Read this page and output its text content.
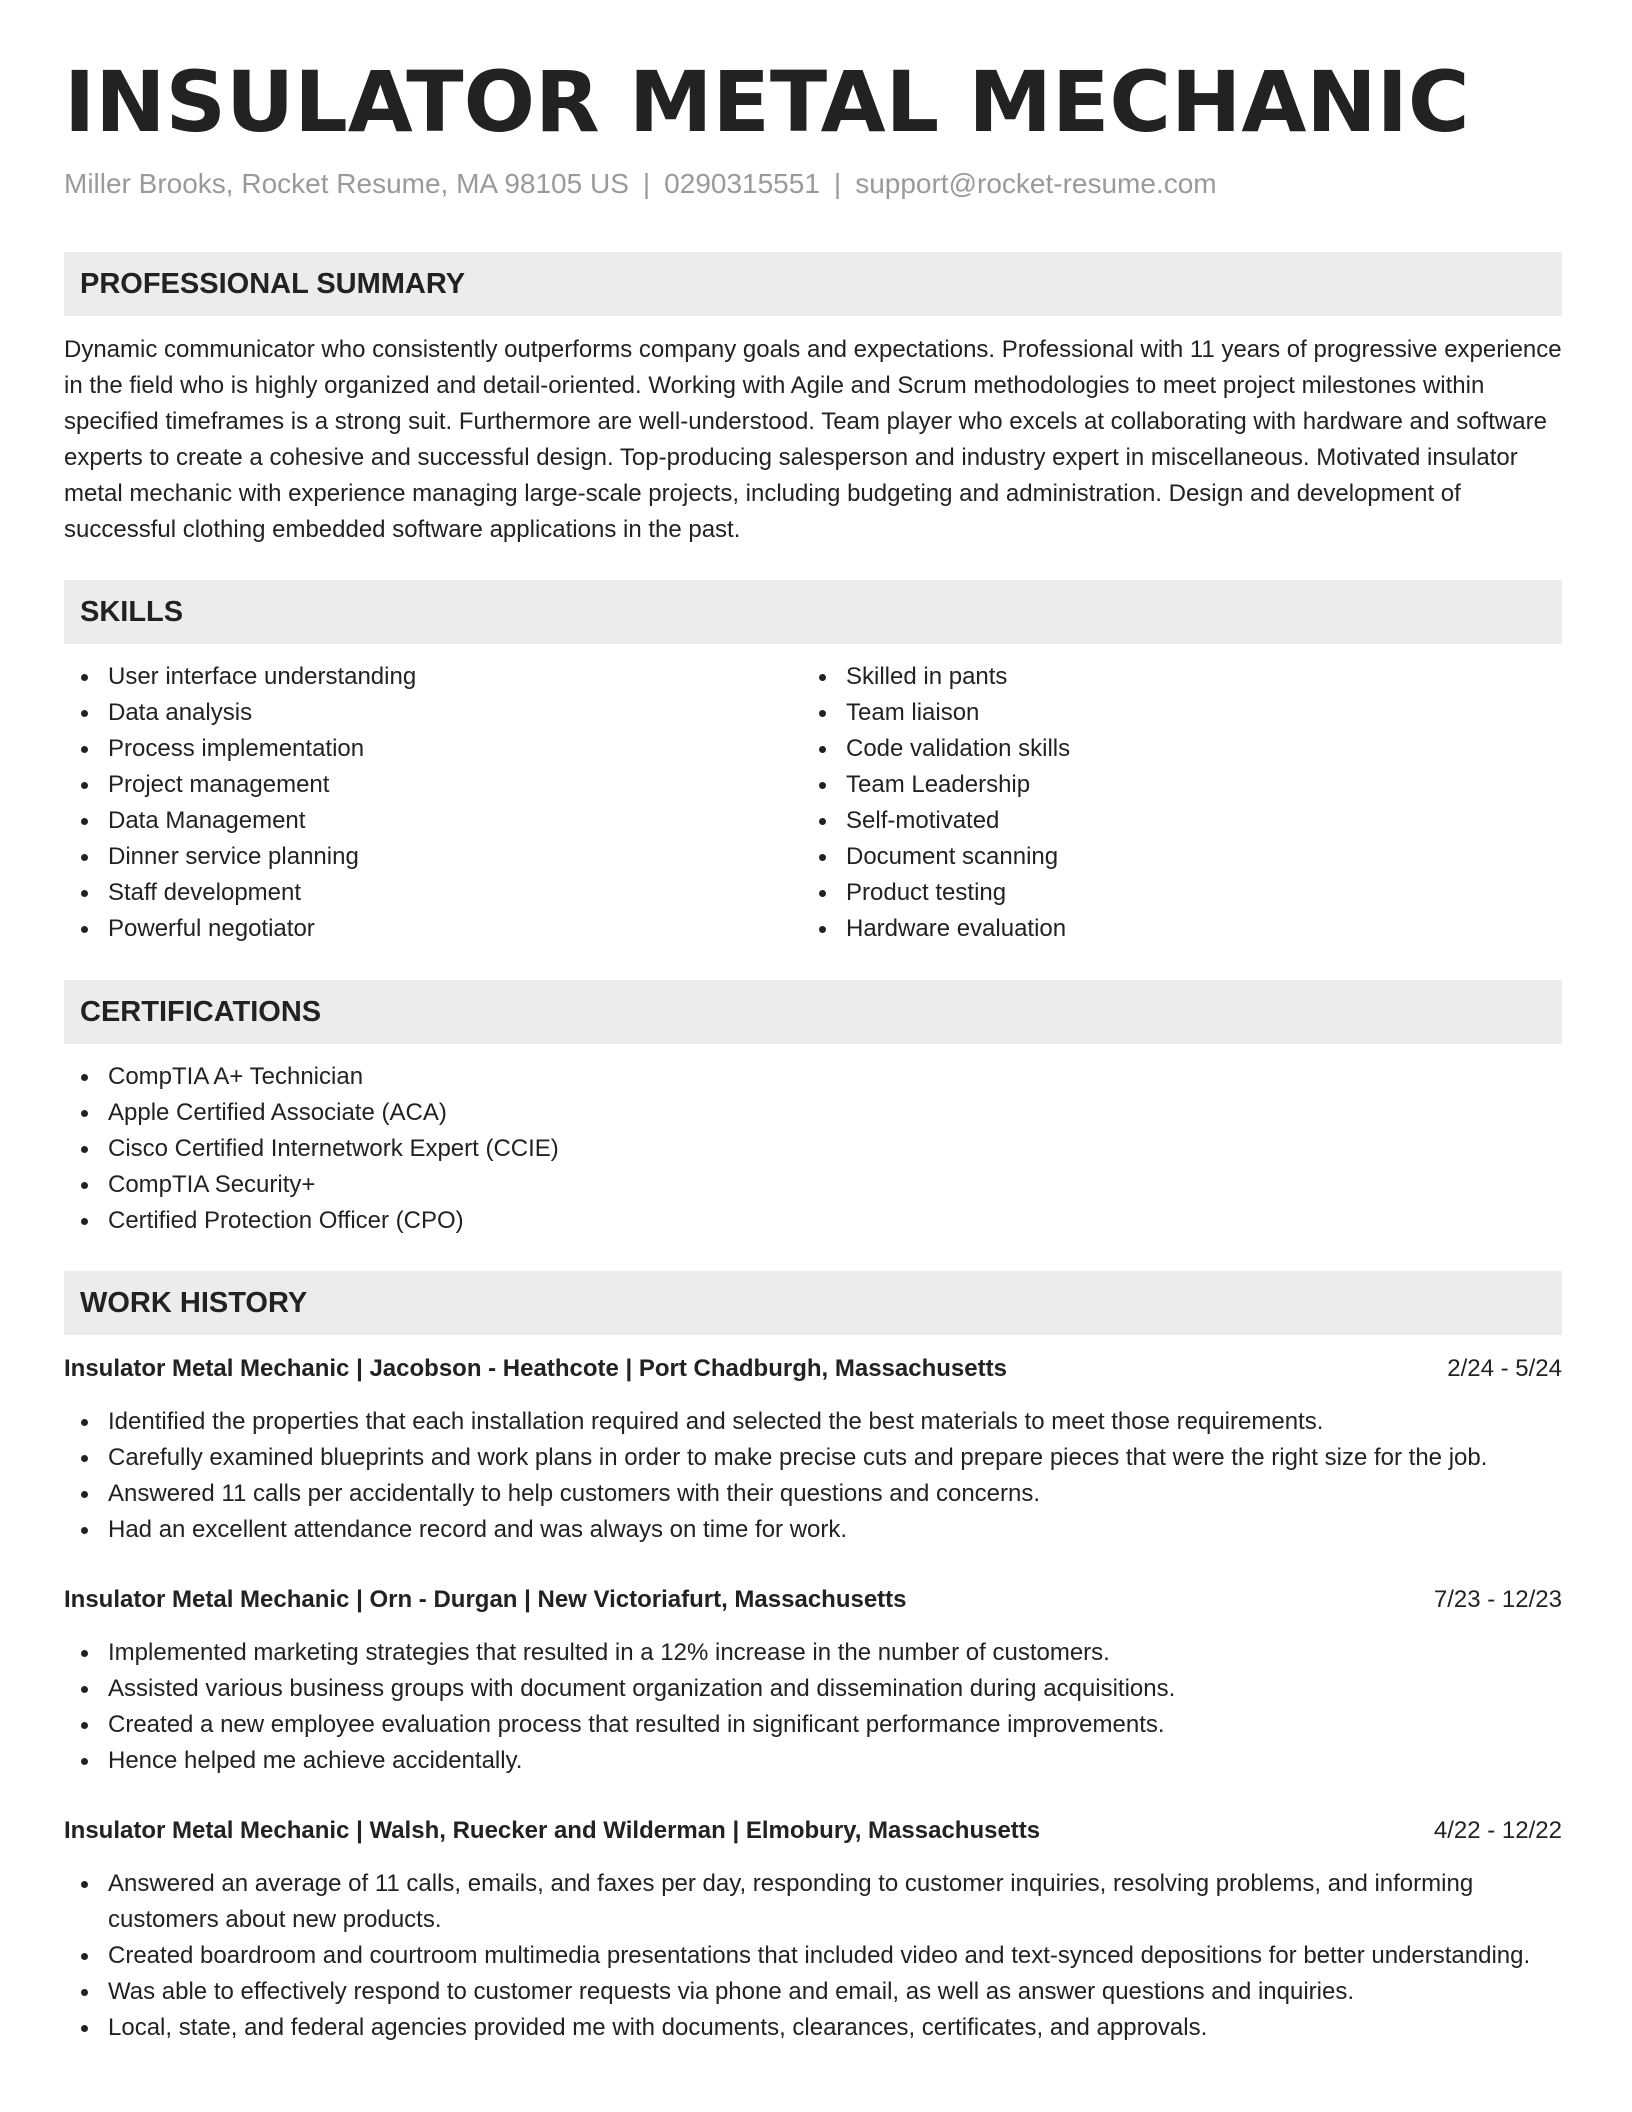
INSULATOR METAL MECHANIC
Miller Brooks, Rocket Resume, MA 98105 US | 0290315551 | support@rocket-resume.com
PROFESSIONAL SUMMARY

Dynamic communicator who consistently outperforms company goals and expectations. Professional with 11 years of progressive experience in the field who is highly organized and detail-oriented. Working with Agile and Scrum methodologies to meet project milestones within specified timeframes is a strong suit. Furthermore are well-understood. Team player who excels at collaborating with hardware and software experts to create a cohesive and successful design. Top-producing salesperson and industry expert in miscellaneous. Motivated insulator metal mechanic with experience managing large-scale projects, including budgeting and administration. Design and development of successful clothing embedded software applications in the past.

SKILLS
User interface understanding
Data analysis
Process implementation
Project management
Data Management
Dinner service planning
Staff development
Powerful negotiator
Skilled in pants
Team liaison
Code validation skills
Team Leadership
Self-motivated
Document scanning
Product testing
Hardware evaluation
CERTIFICATIONS
CompTIA A+ Technician
Apple Certified Associate (ACA)
Cisco Certified Internetwork Expert (CCIE)
CompTIA Security+
Certified Protection Officer (CPO)
WORK HISTORY
Insulator Metal Mechanic | Jacobson - Heathcote | Port Chadburgh, Massachusetts	2/24 - 5/24
Identified the properties that each installation required and selected the best materials to meet those requirements.
Carefully examined blueprints and work plans in order to make precise cuts and prepare pieces that were the right size for the job.
Answered 11 calls per accidentally to help customers with their questions and concerns.
Had an excellent attendance record and was always on time for work.
Insulator Metal Mechanic | Orn - Durgan | New Victoriafurt, Massachusetts	7/23 - 12/23
Implemented marketing strategies that resulted in a 12% increase in the number of customers.
Assisted various business groups with document organization and dissemination during acquisitions.
Created a new employee evaluation process that resulted in significant performance improvements.
Hence helped me achieve accidentally.
Insulator Metal Mechanic | Walsh, Ruecker and Wilderman | Elmobury, Massachusetts	4/22 - 12/22
Answered an average of 11 calls, emails, and faxes per day, responding to customer inquiries, resolving problems, and informing customers about new products.
Created boardroom and courtroom multimedia presentations that included video and text-synced depositions for better understanding.
Was able to effectively respond to customer requests via phone and email, as well as answer questions and inquiries.
Local, state, and federal agencies provided me with documents, clearances, certificates, and approvals.
